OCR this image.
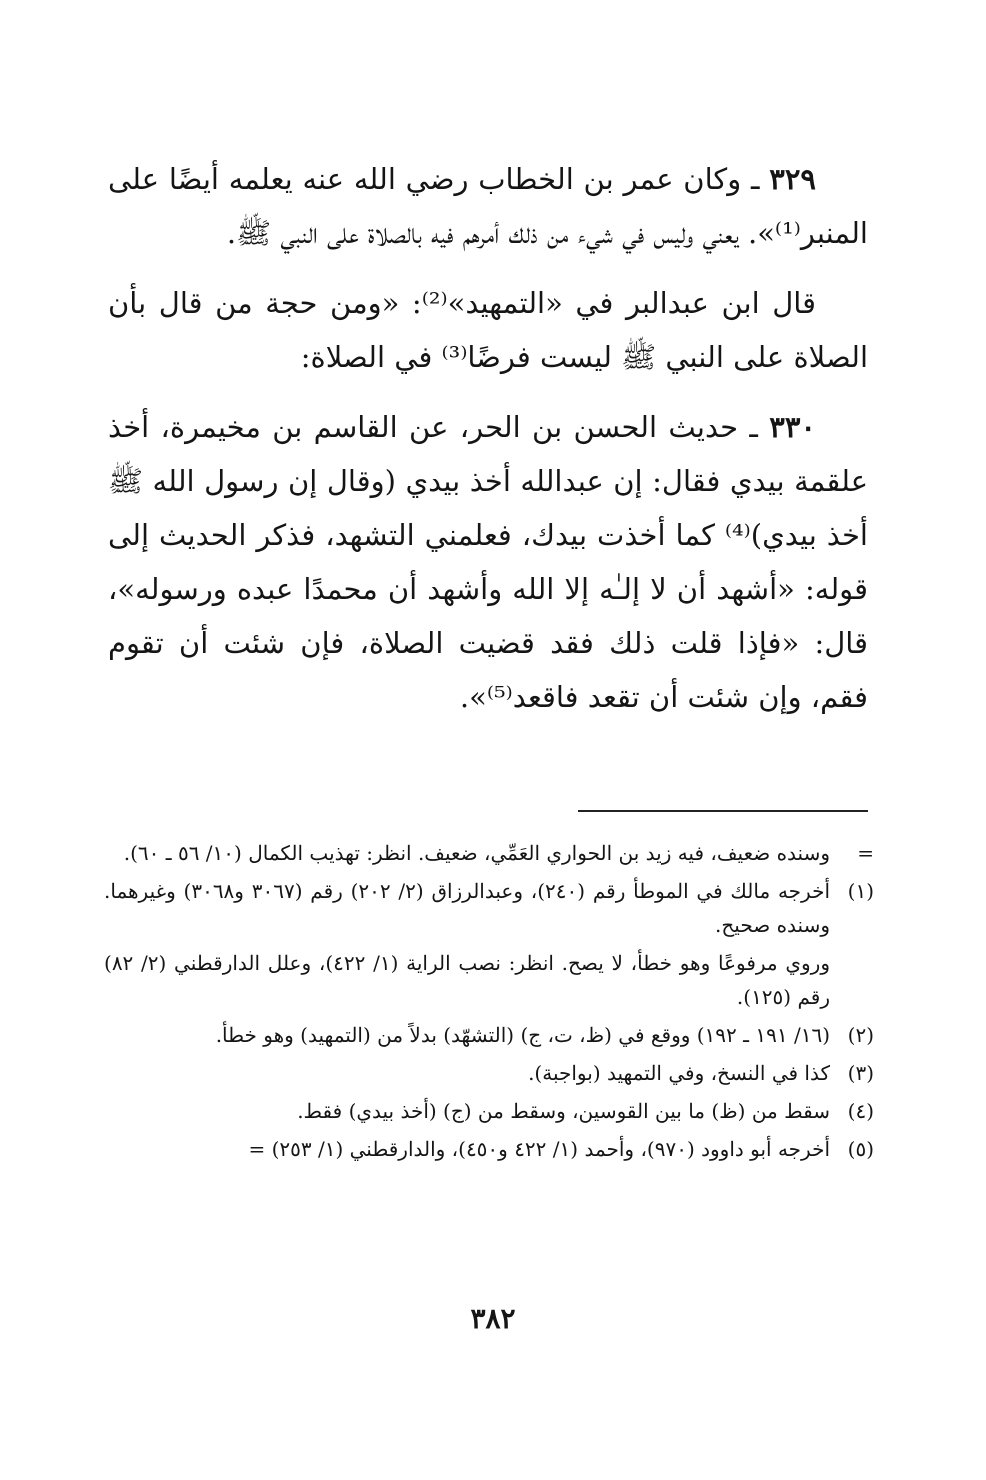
٣٢٩ ـ وكان عمر بن الخطاب رضي الله عنه يعلمه أيضًا على المنبر⁽¹⁾». يعني وليس في شيء من ذلك أمرهم فيه بالصلاة على النبي ﷺ.

قال ابن عبدالبر في «التمهيد»⁽²⁾: «ومن حجة من قال بأن الصلاة على النبي ﷺ ليست فرضًا⁽³⁾ في الصلاة:

٣٣٠ ـ حديث الحسن بن الحر، عن القاسم بن مخيمرة، أخذ علقمة بيدي فقال: إن عبدالله أخذ بيدي (وقال إن رسول الله ﷺ أخذ بيدي)⁽⁴⁾ كما أخذت بيدك، فعلمني التشهد، فذكر الحديث إلى قوله: «أشهد أن لا إلـٰه إلا الله وأشهد أن محمدًا عبده ورسوله»، قال: «فإذا قلت ذلك فقد قضيت الصلاة، فإن شئت أن تقوم فقم، وإن شئت أن تقعد فاقعد⁽⁵⁾».

=
وسنده ضعيف، فيه زيد بن الحواري العَمِّي، ضعيف. انظر: تهذيب الكمال (١٠/ ٥٦ ـ ٦٠).
(١)
أخرجه مالك في الموطأ رقم (٢٤٠)، وعبدالرزاق (٢/ ٢٠٢) رقم (٣٠٦٧ و٣٠٦٨) وغيرهما. وسنده صحيح.
وروي مرفوعًا وهو خطأ، لا يصح. انظر: نصب الراية (١/ ٤٢٢)، وعلل الدارقطني (٢/ ٨٢) رقم (١٢٥).
(٢)
(١٦/ ١٩١ ـ ١٩٢) ووقع في (ظ، ت، ج) (التشهّد) بدلاً من (التمهيد) وهو خطأ.
(٣)
كذا في النسخ، وفي التمهيد (بواجبة).
(٤)
سقط من (ظ) ما بين القوسين، وسقط من (ج) (أخذ بيدي) فقط.
(٥)
أخرجه أبو داوود (٩٧٠)، وأحمد (١/ ٤٢٢ و٤٥٠)، والدارقطني (١/ ٢٥٣) =
٣٨٢
